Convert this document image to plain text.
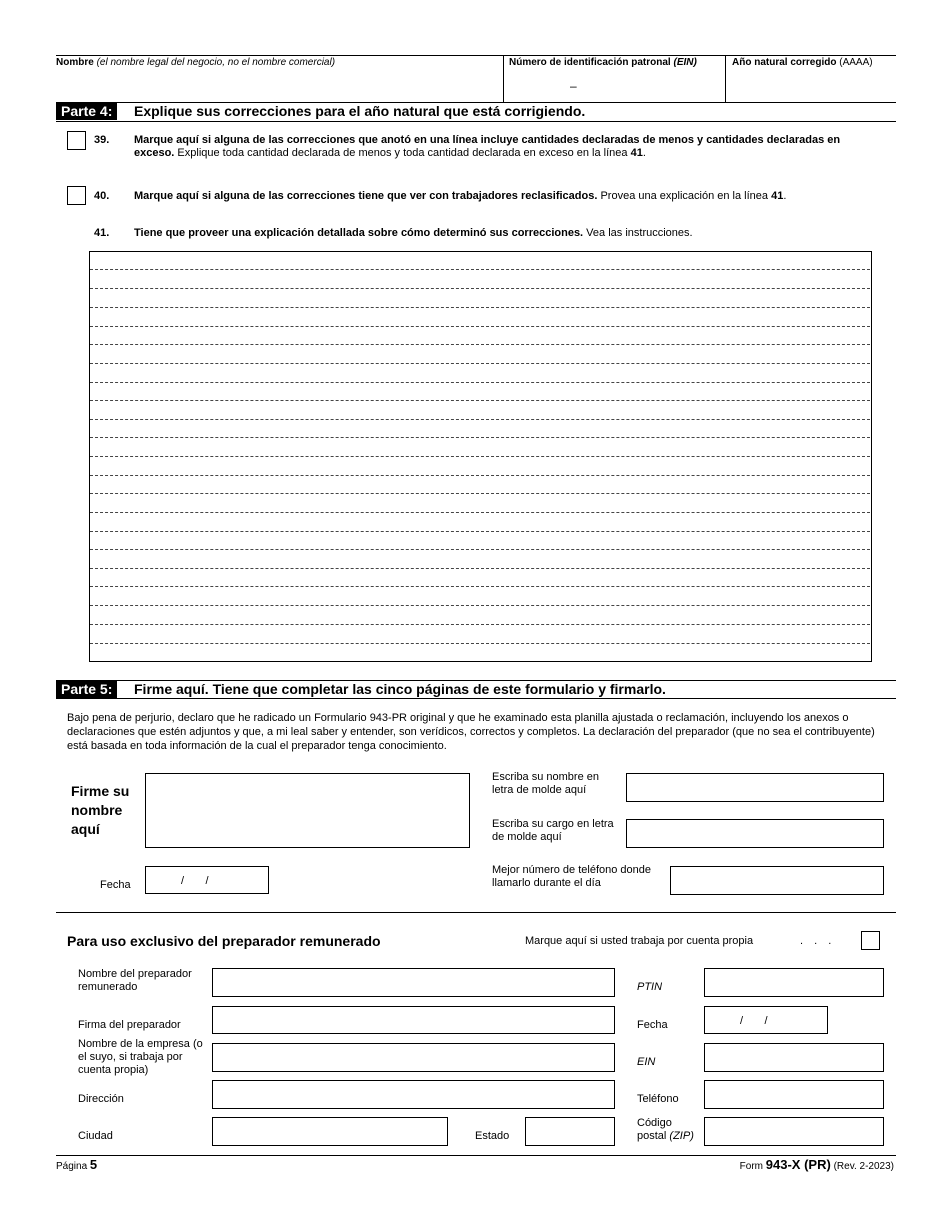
Nombre (el nombre legal del negocio, no el nombre comercial)	Número de identificación patronal (EIN)
–
Año natural corregido (AAAA)
Parte 4:	Explique sus correcciones para el año natural que está corrigiendo.
39. Marque aquí si alguna de las correcciones que anotó en una línea incluye cantidades declaradas de menos y cantidades declaradas en exceso. Explique toda cantidad declarada de menos y toda cantidad declarada en exceso en la línea 41.
40. Marque aquí si alguna de las correcciones tiene que ver con trabajadores reclasificados. Provea una explicación en la línea 41.
41. Tiene que proveer una explicación detallada sobre cómo determinó sus correcciones. Vea las instrucciones.
Parte 5:	Firme aquí. Tiene que completar las cinco páginas de este formulario y firmarlo.
Bajo pena de perjurio, declaro que he radicado un Formulario 943-PR original y que he examinado esta planilla ajustada o reclamación, incluyendo los anexos o declaraciones que estén adjuntos y que, a mi leal saber y entender, son verídicos, correctos y completos. La declaración del preparador (que no sea el contribuyente) está basada en toda información de la cual el preparador tenga conocimiento.
Firme su nombre aquí
Fecha	/       /
Escriba su nombre en letra de molde aquí
Escriba su cargo en letra de molde aquí
Mejor número de teléfono donde llamarlo durante el día
Para uso exclusivo del preparador remunerado	Marque aquí si usted trabaja por cuenta propia	. . .
Nombre del preparador remunerado
Firma del preparador
Nombre de la empresa (o el suyo, si trabaja por cuenta propia)
Dirección
Ciudad	Estado
PTIN
Fecha	/       /
EIN
Teléfono
Código postal (ZIP)
Página 5	Form 943-X (PR) (Rev. 2-2023)
